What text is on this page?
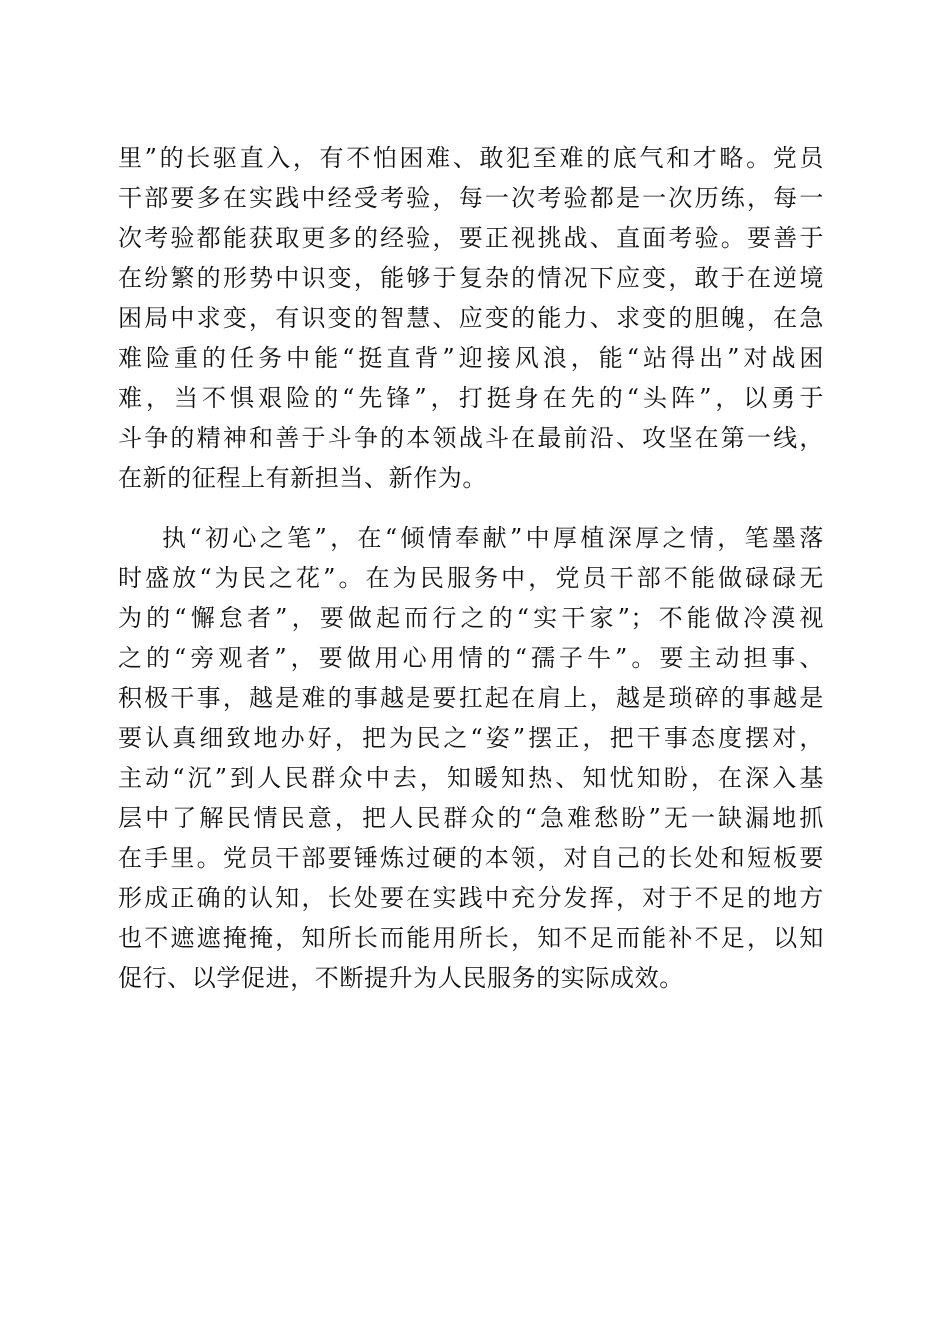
里”的长驱直入，有不怕困难、敢犯至难的底气和才略。党员
干部要多在实践中经受考验，每一次考验都是一次历练，每一
次考验都能获取更多的经验，要正视挑战、直面考验。要善于
在纷繁的形势中识变，能够于复杂的情况下应变，敢于在逆境
困局中求变，有识变的智慧、应变的能力、求变的胆魄，在急
难险重的任务中能“挺直背”迎接风浪，能“站得出”对战困
难，当不惧艰险的“先锋”，打挺身在先的“头阵”，以勇于
斗争的精神和善于斗争的本领战斗在最前沿、攻坚在第一线，
在新的征程上有新担当、新作为。
执“初心之笔”，在“倾情奉献”中厚植深厚之情，笔墨落
时盛放“为民之花”。在为民服务中，党员干部不能做碌碌无
为的“懈怠者”，要做起而行之的“实干家”；不能做冷漠视
之的“旁观者”，要做用心用情的“孺子牛”。要主动担事、
积极干事，越是难的事越是要扛起在肩上，越是琐碎的事越是
要认真细致地办好，把为民之“姿”摆正，把干事态度摆对，
主动“沉”到人民群众中去，知暖知热、知忧知盼，在深入基
层中了解民情民意，把人民群众的“急难愁盼”无一缺漏地抓
在手里。党员干部要锤炼过硬的本领，对自己的长处和短板要
形成正确的认知，长处要在实践中充分发挥，对于不足的地方
也不遮遮掩掩，知所长而能用所长，知不足而能补不足，以知
促行、以学促进，不断提升为人民服务的实际成效。
